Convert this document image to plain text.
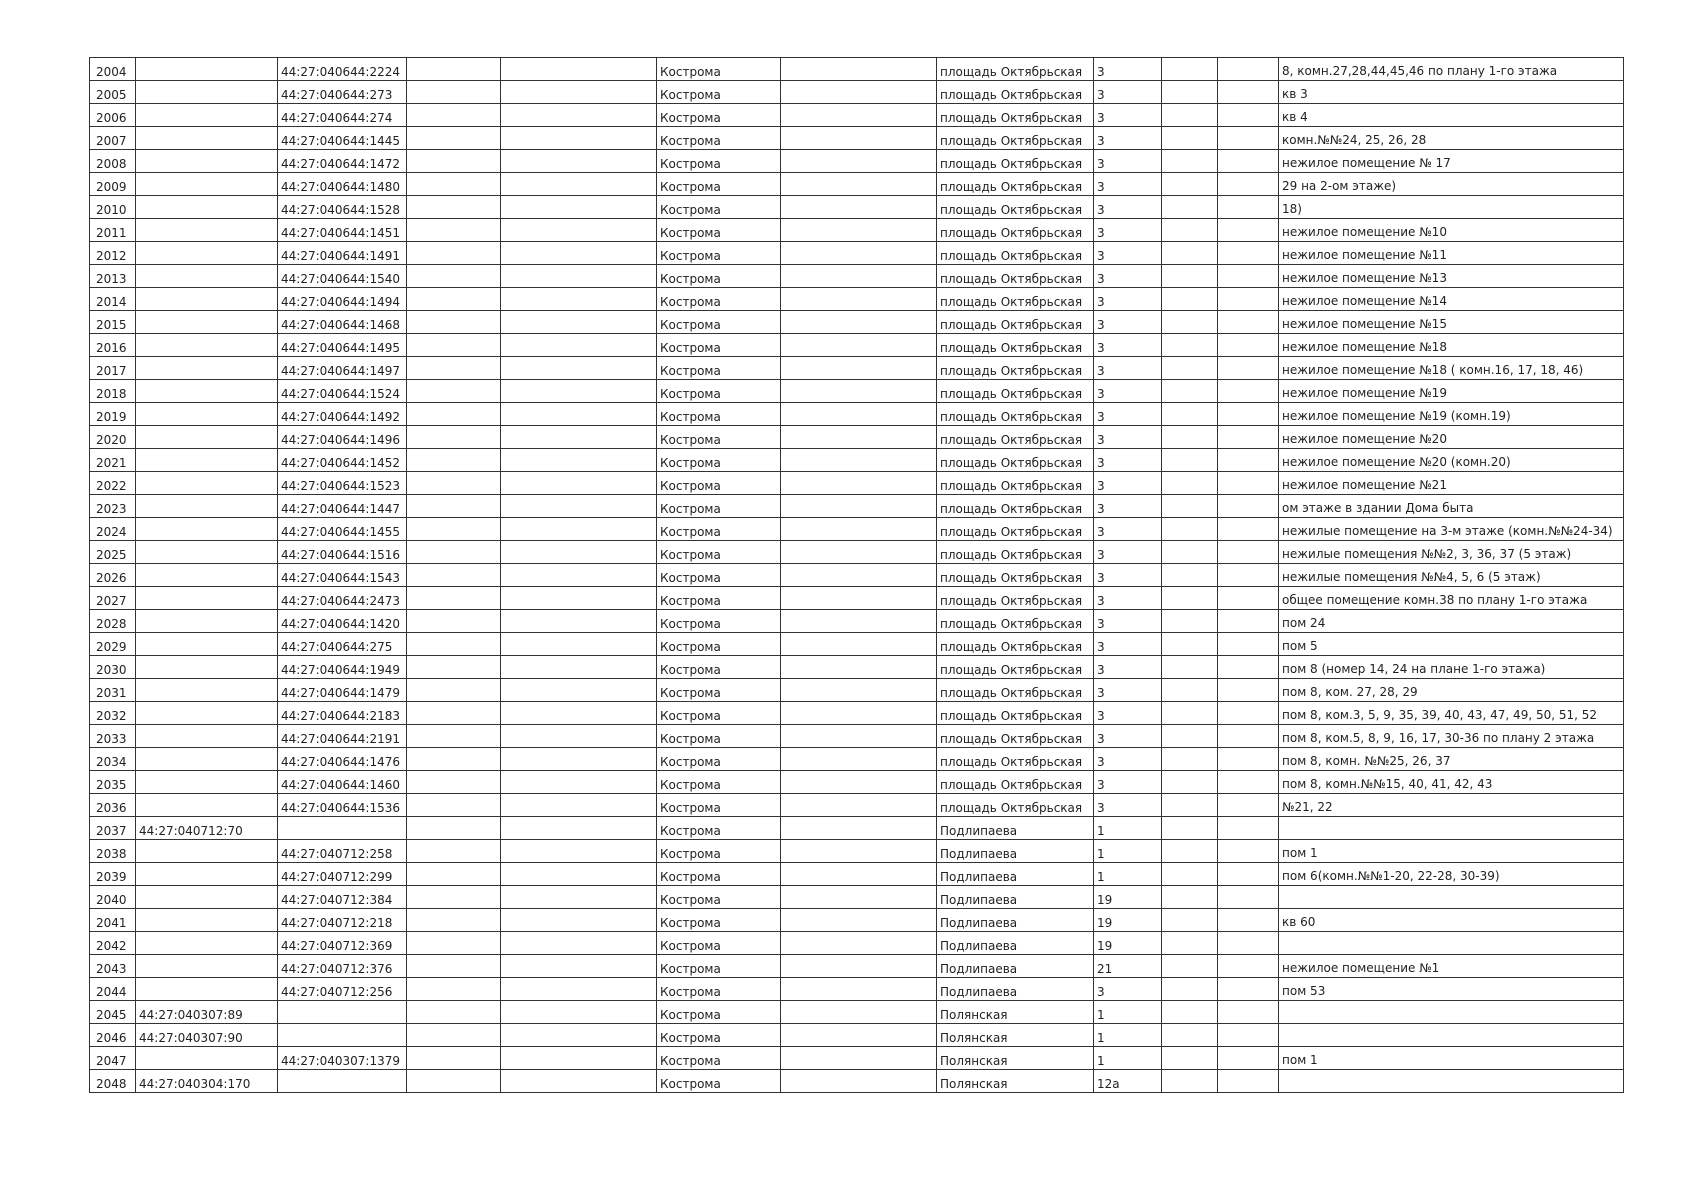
2004		44:27:040644:2224			Кострома		площадь Октябрьская	3			8, комн.27,28,44,45,46 по плану 1-го этажа
2005		44:27:040644:273			Кострома		площадь Октябрьская	3			кв 3
2006		44:27:040644:274			Кострома		площадь Октябрьская	3			кв 4
2007		44:27:040644:1445			Кострома		площадь Октябрьская	3			комн.№№24, 25, 26, 28
2008		44:27:040644:1472			Кострома		площадь Октябрьская	3			нежилое помещение № 17
2009		44:27:040644:1480			Кострома		площадь Октябрьская	3			29 на 2-ом этаже)
2010		44:27:040644:1528			Кострома		площадь Октябрьская	3			18)
2011		44:27:040644:1451			Кострома		площадь Октябрьская	3			нежилое помещение №10
2012		44:27:040644:1491			Кострома		площадь Октябрьская	3			нежилое помещение №11
2013		44:27:040644:1540			Кострома		площадь Октябрьская	3			нежилое помещение №13
2014		44:27:040644:1494			Кострома		площадь Октябрьская	3			нежилое помещение №14
2015		44:27:040644:1468			Кострома		площадь Октябрьская	3			нежилое помещение №15
2016		44:27:040644:1495			Кострома		площадь Октябрьская	3			нежилое помещение №18
2017		44:27:040644:1497			Кострома		площадь Октябрьская	3			нежилое помещение №18 ( комн.16, 17, 18, 46)
2018		44:27:040644:1524			Кострома		площадь Октябрьская	3			нежилое помещение №19
2019		44:27:040644:1492			Кострома		площадь Октябрьская	3			нежилое помещение №19 (комн.19)
2020		44:27:040644:1496			Кострома		площадь Октябрьская	3			нежилое помещение №20
2021		44:27:040644:1452			Кострома		площадь Октябрьская	3			нежилое помещение №20 (комн.20)
2022		44:27:040644:1523			Кострома		площадь Октябрьская	3			нежилое помещение №21
2023		44:27:040644:1447			Кострома		площадь Октябрьская	3			ом этаже в здании Дома быта
2024		44:27:040644:1455			Кострома		площадь Октябрьская	3			нежилые помещение на 3-м этаже (комн.№№24-34)
2025		44:27:040644:1516			Кострома		площадь Октябрьская	3			нежилые помещения №№2, 3, 36, 37 (5 этаж)
2026		44:27:040644:1543			Кострома		площадь Октябрьская	3			нежилые помещения №№4, 5, 6 (5 этаж)
2027		44:27:040644:2473			Кострома		площадь Октябрьская	3			общее помещение комн.38 по плану 1-го этажа
2028		44:27:040644:1420			Кострома		площадь Октябрьская	3			пом 24
2029		44:27:040644:275			Кострома		площадь Октябрьская	3			пом 5
2030		44:27:040644:1949			Кострома		площадь Октябрьская	3			пом 8 (номер 14, 24 на плане 1-го этажа)
2031		44:27:040644:1479			Кострома		площадь Октябрьская	3			пом 8, ком. 27, 28, 29
2032		44:27:040644:2183			Кострома		площадь Октябрьская	3			пом 8, ком.3, 5, 9, 35, 39, 40, 43, 47, 49, 50, 51, 52
2033		44:27:040644:2191			Кострома		площадь Октябрьская	3			пом 8, ком.5, 8, 9, 16, 17, 30-36 по плану 2 этажа
2034		44:27:040644:1476			Кострома		площадь Октябрьская	3			пом 8, комн. №№25, 26, 37
2035		44:27:040644:1460			Кострома		площадь Октябрьская	3			пом 8, комн.№№15, 40, 41, 42, 43
2036		44:27:040644:1536			Кострома		площадь Октябрьская	3			№21, 22
2037	44:27:040712:70				Кострома		Подлипаева	1			
2038		44:27:040712:258			Кострома		Подлипаева	1			пом 1
2039		44:27:040712:299			Кострома		Подлипаева	1			пом 6(комн.№№1-20, 22-28, 30-39)
2040		44:27:040712:384			Кострома		Подлипаева	19			
2041		44:27:040712:218			Кострома		Подлипаева	19			кв 60
2042		44:27:040712:369			Кострома		Подлипаева	19			
2043		44:27:040712:376			Кострома		Подлипаева	21			нежилое помещение №1
2044		44:27:040712:256			Кострома		Подлипаева	3			пом 53
2045	44:27:040307:89				Кострома		Полянская	1			
2046	44:27:040307:90				Кострома		Полянская	1			
2047		44:27:040307:1379			Кострома		Полянская	1			пом 1
2048	44:27:040304:170				Кострома		Полянская	12а			
